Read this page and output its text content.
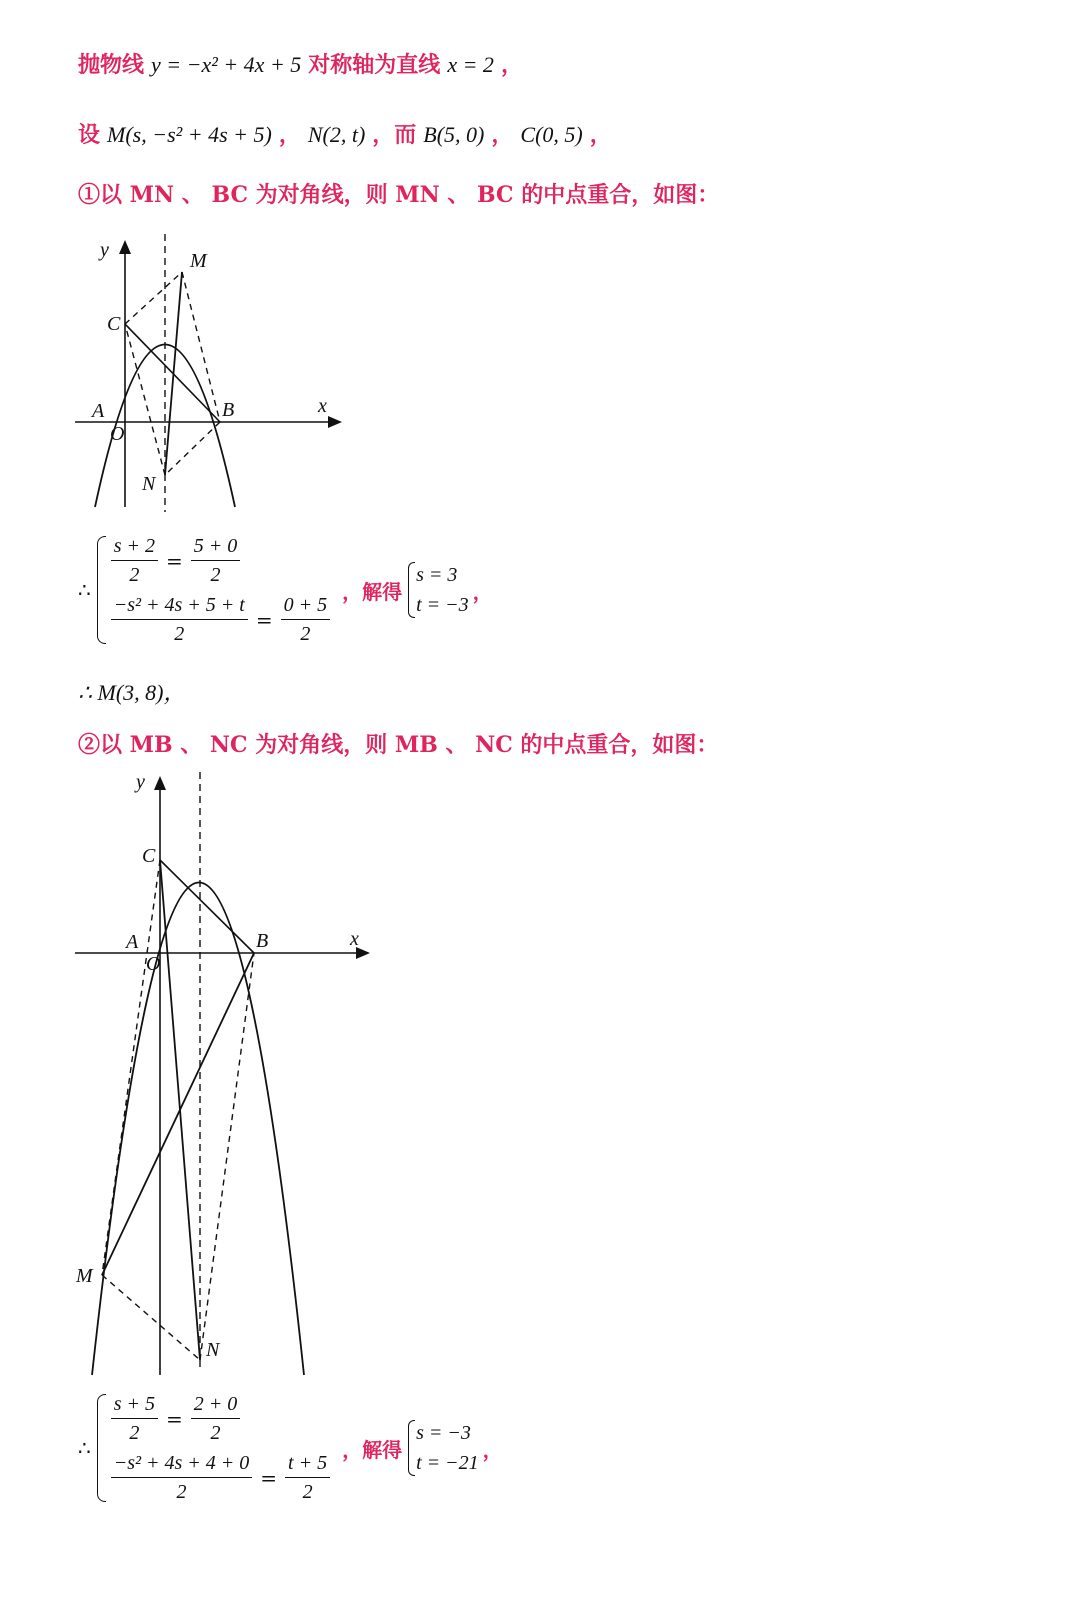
抛物线 y = −x² + 4x + 5 对称轴为直线 x = 2 ，
设 M(s, −s² + 4s + 5) ， N(2, t) ，而 B(5, 0) ， C(0, 5) ，
①以 MN 、 BC 为对角线，则 MN 、 BC 的中点重合，如图：
y	M
C
A
O
B	x
N
∴
$\frac{s + 2}{2} = \frac{5 + 0}{2}$
$\frac{\text{−s² + 4s + 5 + t}}{2} = \frac{0 + 5}{2}$ ，解得
s = 3
t = −3
，
∴ M(3, 8)，
②以 MB 、 NC 为对角线，则 MB 、 NC 的中点重合，如图：
y
C
A
O
B	x
M
N
∴
$\frac{s + 5}{2} = \frac{2 + 0}{2}$
$\frac{\text{−s² + 4s + 4 + 0}}{2} = \frac{t + 5}{2}$ ，解得
s = −3
t = −21
，
